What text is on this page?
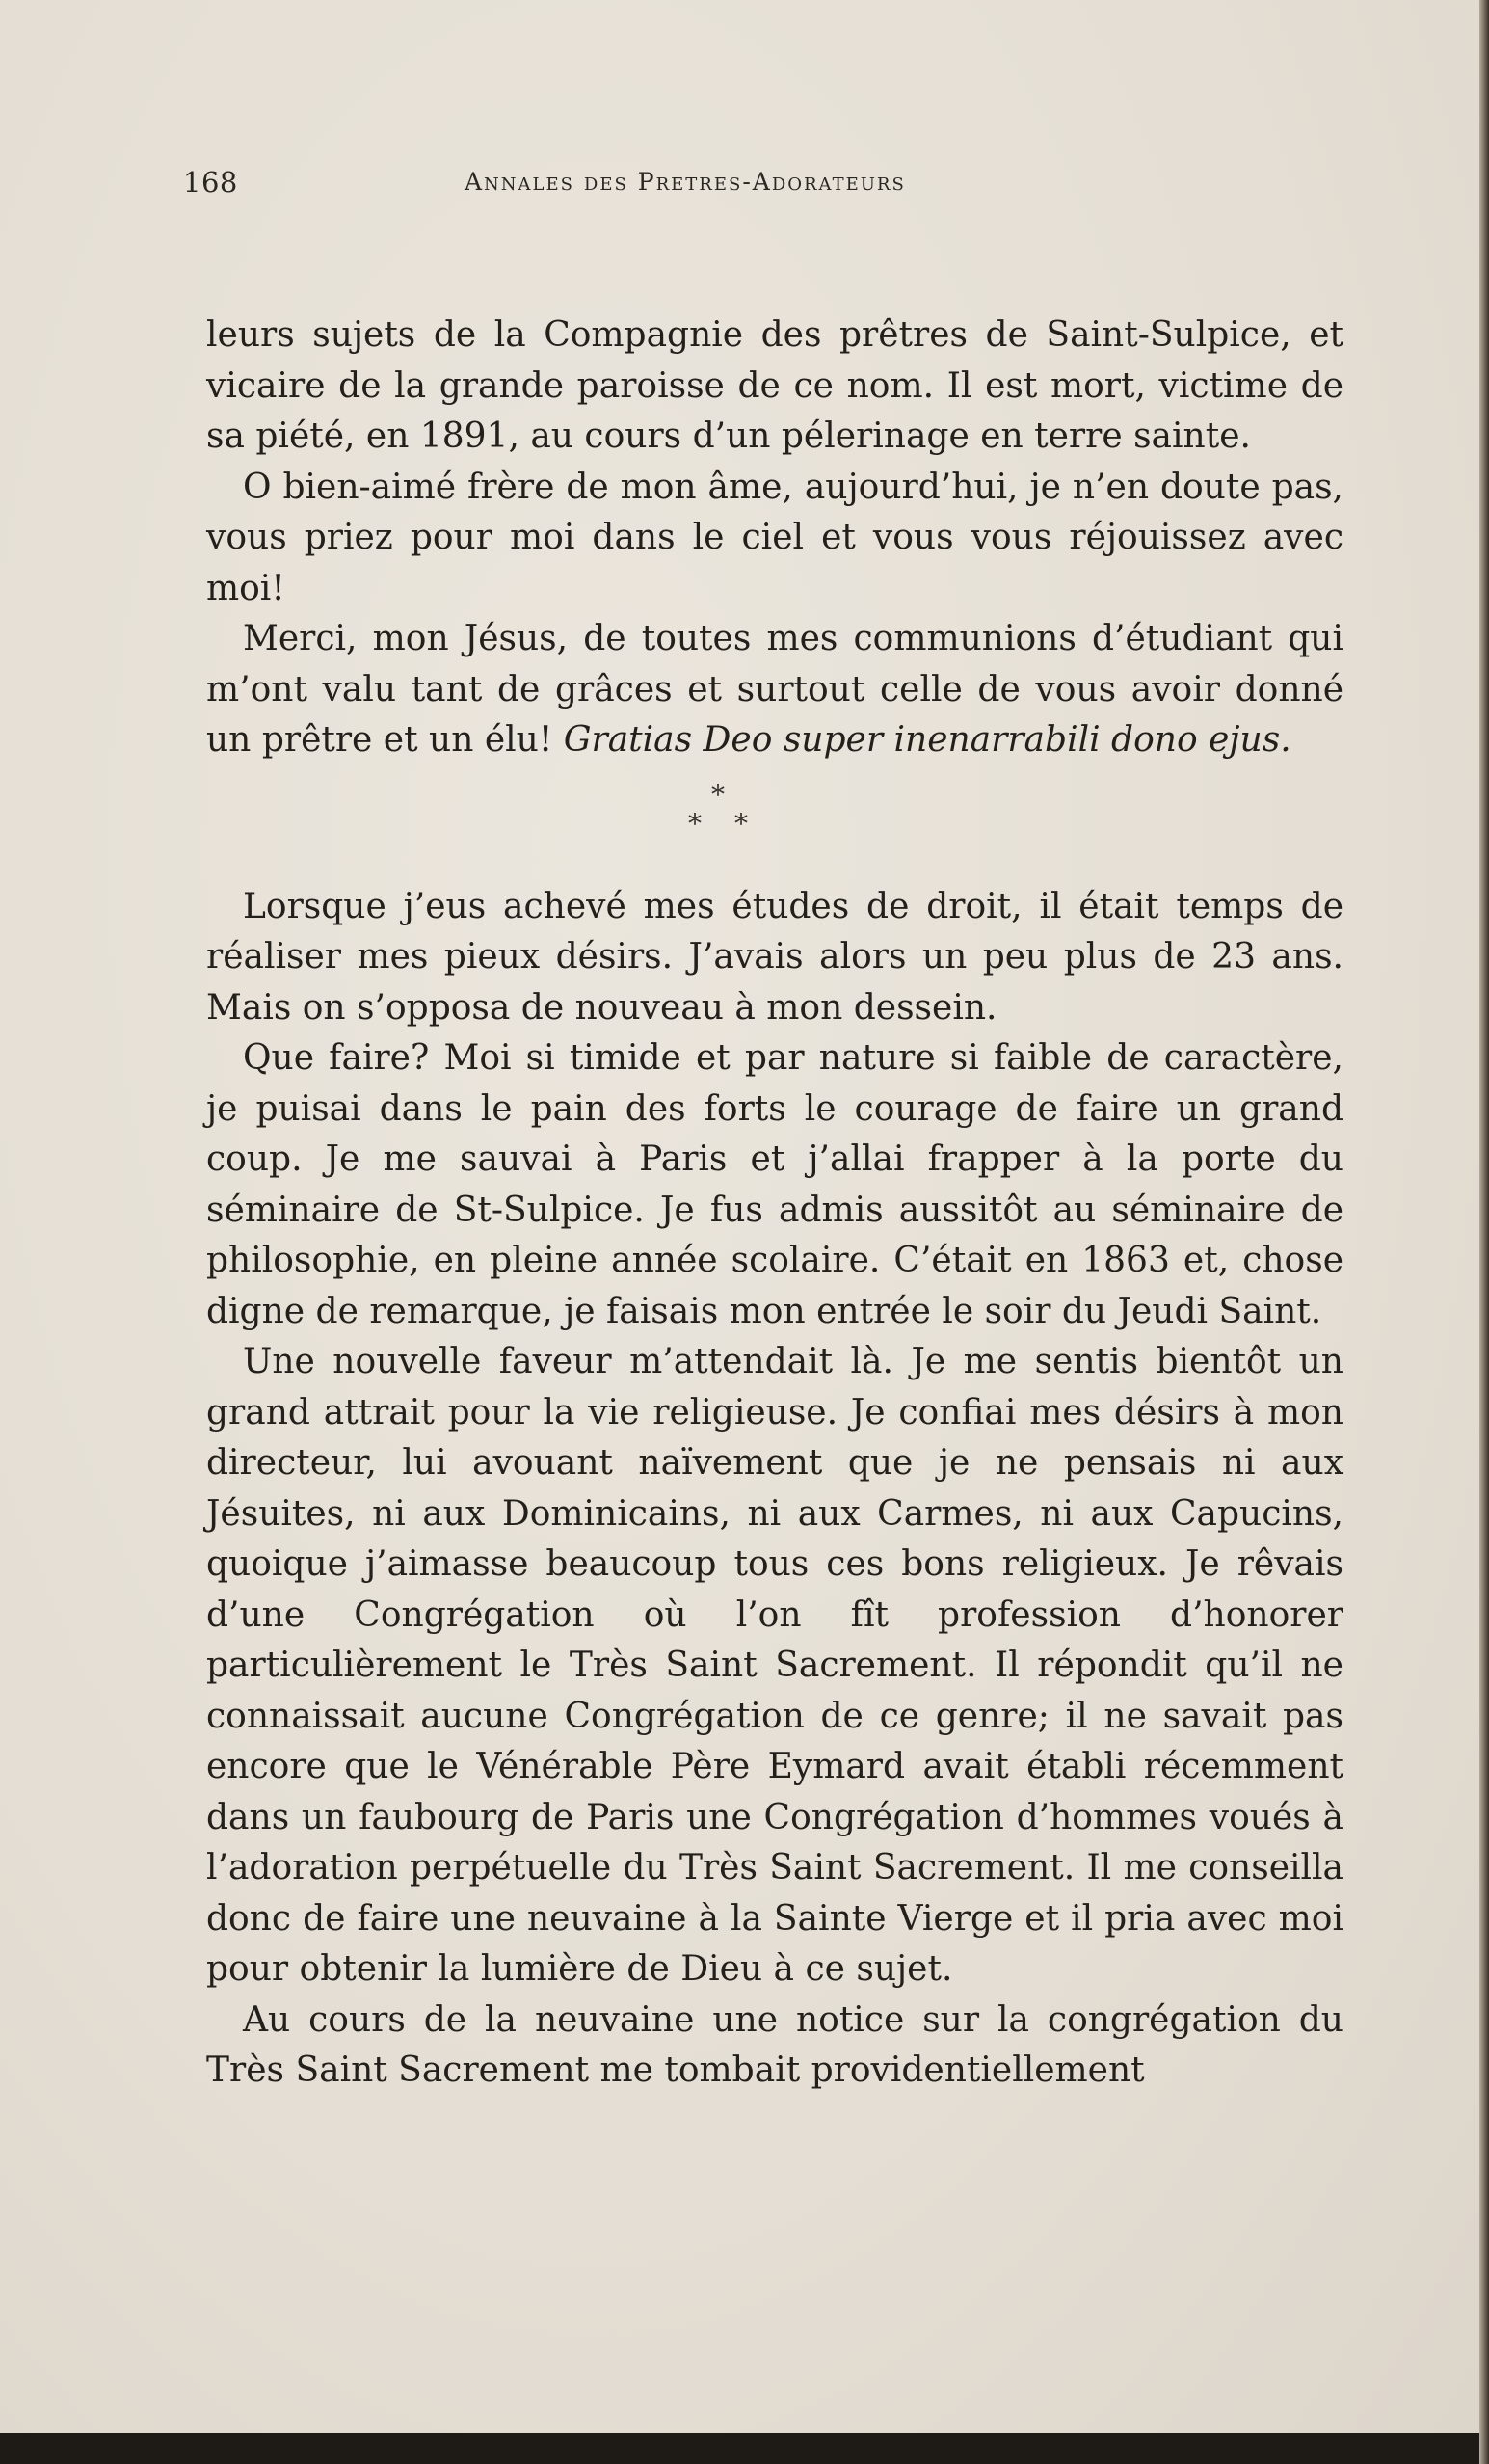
168	Annales des Pretres-Adorateurs

leurs sujets de la Compagnie des prêtres de Saint-Sulpice, et vicaire de la grande paroisse de ce nom. Il est mort, victime de sa piété, en 1891, au cours d’un pélerinage en terre sainte.

O bien-aimé frère de mon âme, aujourd’hui, je n’en doute pas, vous priez pour moi dans le ciel et vous vous réjouissez avec moi!

Merci, mon Jésus, de toutes mes communions d’étudiant qui m’ont valu tant de grâces et surtout celle de vous avoir donné un prêtre et un élu! Gratias Deo super inenarrabili dono ejus.

*
* *

Lorsque j’eus achevé mes études de droit, il était temps de réaliser mes pieux désirs. J’avais alors un peu plus de 23 ans. Mais on s’opposa de nouveau à mon dessein.

Que faire? Moi si timide et par nature si faible de caractère, je puisai dans le pain des forts le courage de faire un grand coup. Je me sauvai à Paris et j’allai frapper à la porte du séminaire de St-Sulpice. Je fus admis aussitôt au séminaire de philosophie, en pleine année scolaire. C’était en 1863 et, chose digne de remarque, je faisais mon entrée le soir du Jeudi Saint.

Une nouvelle faveur m’attendait là. Je me sentis bientôt un grand attrait pour la vie religieuse. Je confiai mes désirs à mon directeur, lui avouant naïvement que je ne pensais ni aux Jésuites, ni aux Dominicains, ni aux Carmes, ni aux Capucins, quoique j’aimasse beaucoup tous ces bons religieux. Je rêvais d’une Congrégation où l’on fît profession d’honorer particulièrement le Très Saint Sacrement. Il répondit qu’il ne connaissait aucune Congrégation de ce genre; il ne savait pas encore que le Vénérable Père Eymard avait établi récemment dans un faubourg de Paris une Congrégation d’hommes voués à l’adoration perpétuelle du Très Saint Sacrement. Il me conseilla donc de faire une neuvaine à la Sainte Vierge et il pria avec moi pour obtenir la lumière de Dieu à ce sujet.

Au cours de la neuvaine une notice sur la congrégation du Très Saint Sacrement me tombait providentiellement
